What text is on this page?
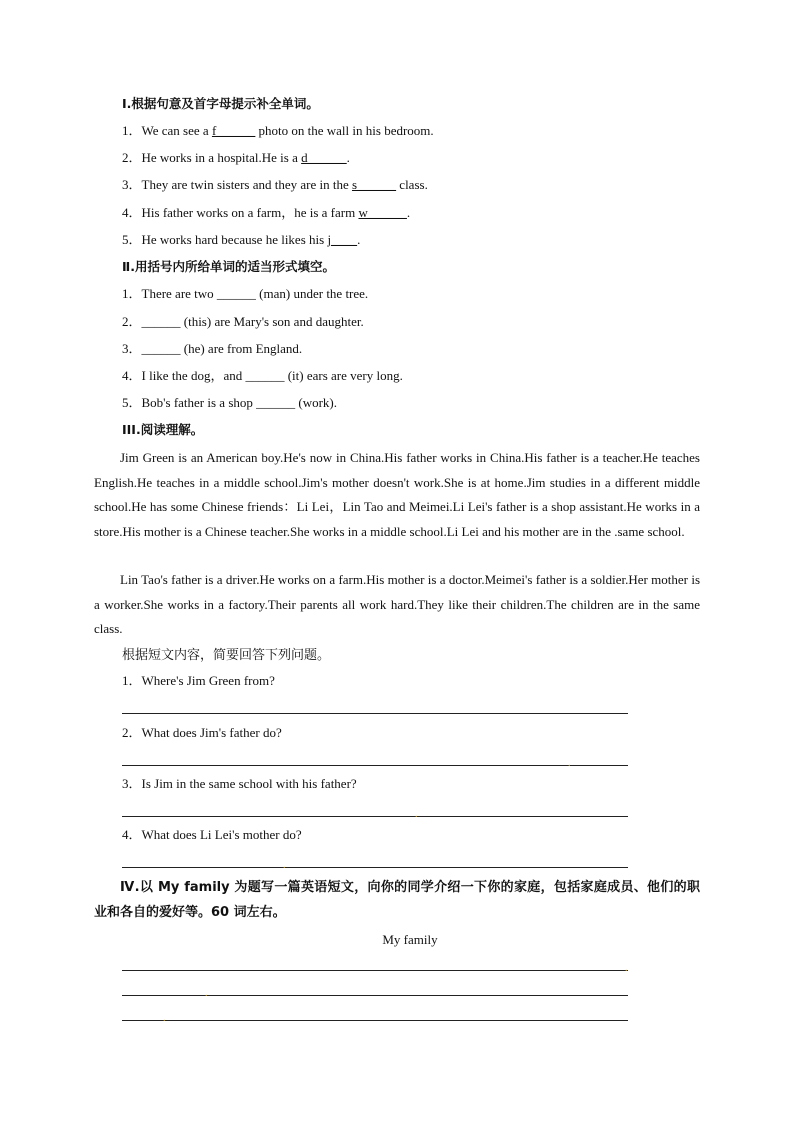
Ⅰ.根据句意及首字母提示补全单词。
1．We can see a f______ photo on the wall in his bedroom.
2．He works in a hospital.He is a d______.
3．They are twin sisters and they are in the s______ class.
4．His father works on a farm，he is a farm w______.
5．He works hard because he likes his j____.
Ⅱ.用括号内所给单词的适当形式填空。
1．There are two ______ (man) under the tree.
2．______ (this) are Mary's son and daughter.
3．______ (he) are from England.
4．I like the dog，and ______ (it) ears are very long.
5．Bob's father is a shop ______ (work).
III.阅读理解。
Jim Green is an American boy.He's now in China.His father works in China.His father is a teacher.He teaches English.He teaches in a middle school.Jim's mother doesn't work.She is at home.Jim studies in a different middle school.He has some Chinese friends：Li Lei，Lin Tao and Meimei.Li Lei's father is a shop assistant.He works in a store.His mother is a Chinese teacher.She works in a middle school.Li Lei and his mother are in the .same school.
Lin Tao's father is a driver.He works on a farm.His mother is a doctor.Meimei's father is a soldier.Her mother is a worker.She works in a factory.Their parents all work hard.They like their children.The children are in the same class.
根据短文内容，简要回答下列问题。
1．Where's Jim Green from?
2．What does Jim's father do?
.
3．Is Jim in the same school with his father?
.
4．What does Li Lei's mother do?
.
Ⅳ.以 My family 为题写一篇英语短文，向你的同学介绍一下你的家庭，包括家庭成员、他们的职业和各自的爱好等。60 词左右。
My family
.
.
.
